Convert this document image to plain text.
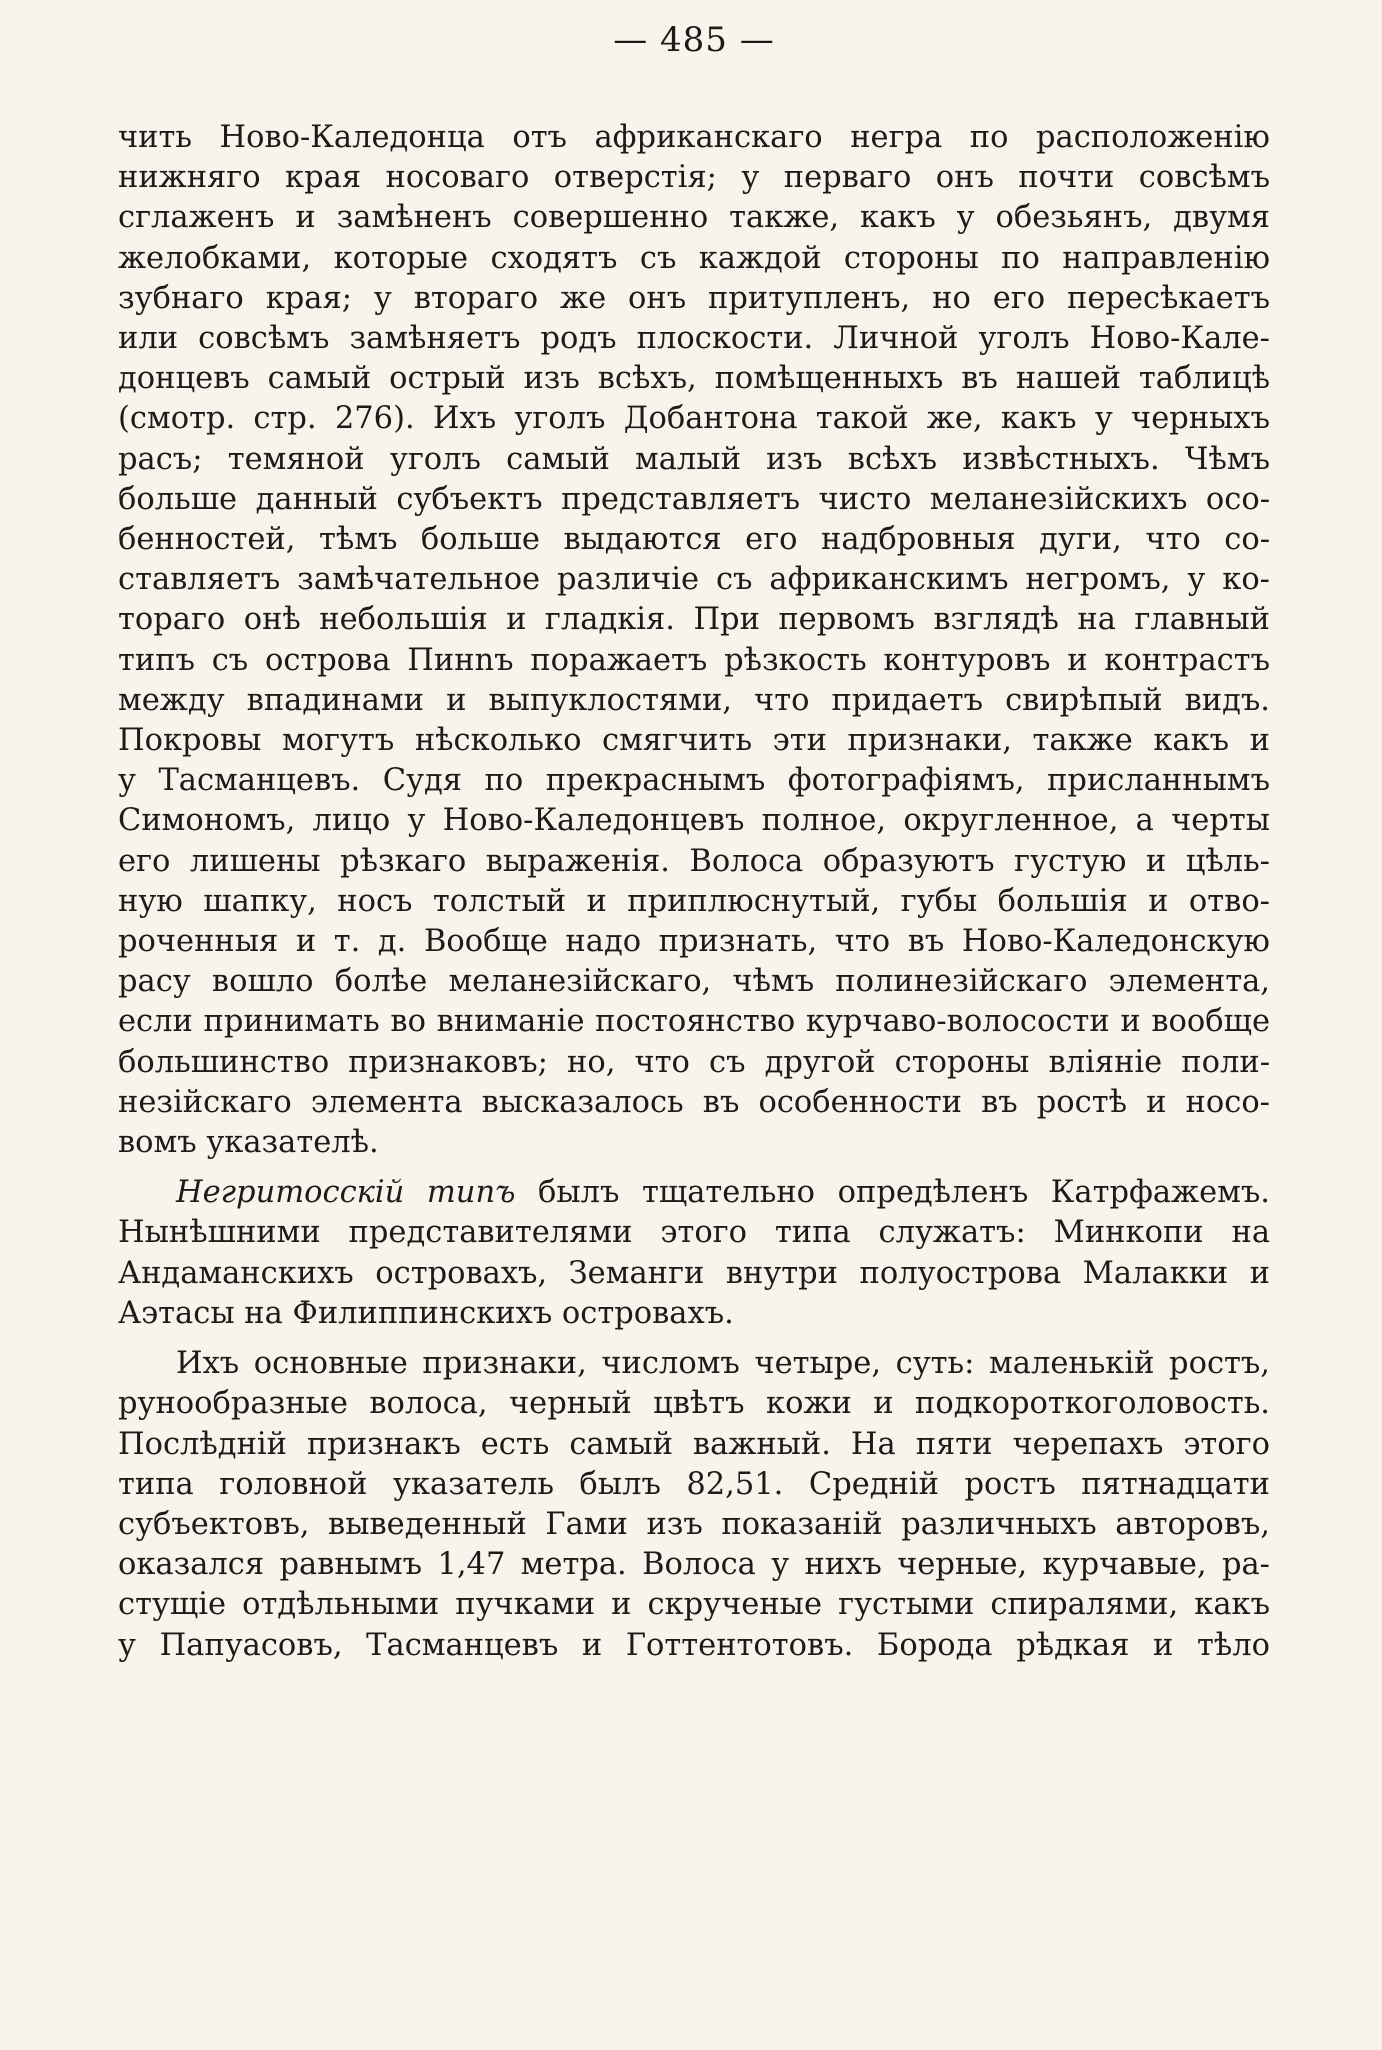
— 485 —
чить Ново-Каледонца отъ африканскаго негра по расположенію
нижняго края носоваго отверстія; у перваго онъ почти совсѣмъ
сглаженъ и замѣненъ совершенно также, какъ у обезьянъ, двумя
желобками, которые сходятъ съ каждой стороны по направленію
зубнаго края; у втораго же онъ притупленъ, но его пересѣкаетъ
или совсѣмъ замѣняетъ родъ плоскости. Личной уголъ Ново-Кале-
донцевъ самый острый изъ всѣхъ, помѣщенныхъ въ нашей таблицѣ
(смотр. стр. 276). Ихъ уголъ Добантона такой же, какъ у черныхъ
расъ; темяной уголъ самый малый изъ всѣхъ извѣстныхъ. Чѣмъ
больше данный субъектъ представляетъ чисто меланезійскихъ осо-
бенностей, тѣмъ больше выдаются его надбровныя дуги, что со-
ставляетъ замѣчательное различіе съ африканскимъ негромъ, у ко-
тораго онѣ небольшія и гладкія. При первомъ взглядѣ на главный
типъ съ острова Пинnъ поражаетъ рѣзкость контуровъ и контрастъ
между впадинами и выпуклостями, что придаетъ свирѣпый видъ.
Покровы могутъ нѣсколько смягчить эти признаки, также какъ и
у Тасманцевъ. Судя по прекраснымъ фотографіямъ, присланнымъ
Симономъ, лицо у Ново-Каледонцевъ полное, округленное, а черты
его лишены рѣзкаго выраженія. Волоса образуютъ густую и цѣль-
ную шапку, носъ толстый и приплюснутый, губы большія и отво-
роченныя и т. д. Вообще надо признать, что въ Ново-Каледонскую
расу вошло болѣе меланезійскаго, чѣмъ полинезійскаго элемента,
если принимать во вниманіе постоянство курчаво-волосости и вообще
большинство признаковъ; но, что съ другой стороны вліяніе поли-
незійскаго элемента высказалось въ особенности въ ростѣ и носо-
вомъ указателѣ.
Негритосскій типъ былъ тщательно опредѣленъ Катрфажемъ.
Нынѣшними представителями этого типа служатъ: Минкопи на
Андаманскихъ островахъ, Земанги внутри полуострова Малакки и
Аэтасы на Филиппинскихъ островахъ.
Ихъ основные признаки, числомъ четыре, суть: маленькій ростъ,
рунообразные волоса, черный цвѣтъ кожи и подкороткоголовость.
Послѣдній признакъ есть самый важный. На пяти черепахъ этого
типа головной указатель былъ 82,51. Средній ростъ пятнадцати
субъектовъ, выведенный Гами изъ показаній различныхъ авторовъ,
оказался равнымъ 1,47 метра. Волоса у нихъ черные, курчавые, ра-
стущіе отдѣльными пучками и скрученые густыми спиралями, какъ
у Папуасовъ, Тасманцевъ и Готтентотовъ. Борода рѣдкая и тѣло
